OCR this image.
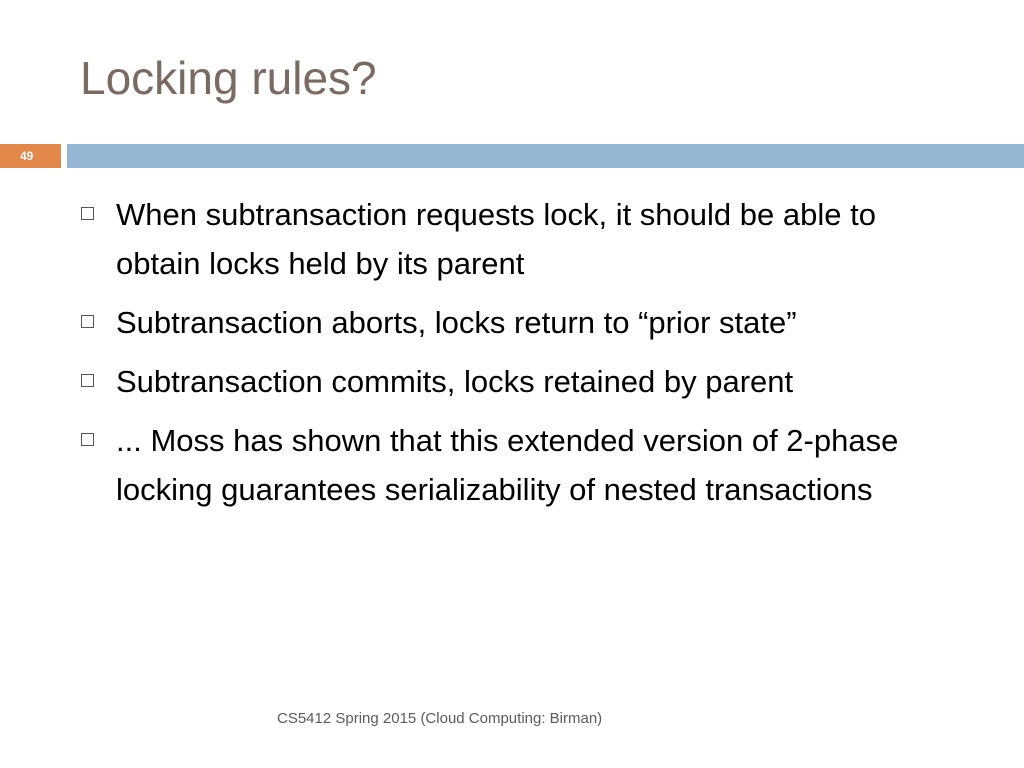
Locking rules?
49
When subtransaction requests lock, it should be able to obtain locks held by its parent
Subtransaction aborts, locks return to “prior state”
Subtransaction commits, locks retained by parent
... Moss has shown that this extended version of 2-phase locking guarantees serializability of nested transactions
CS5412 Spring 2015 (Cloud Computing: Birman)
